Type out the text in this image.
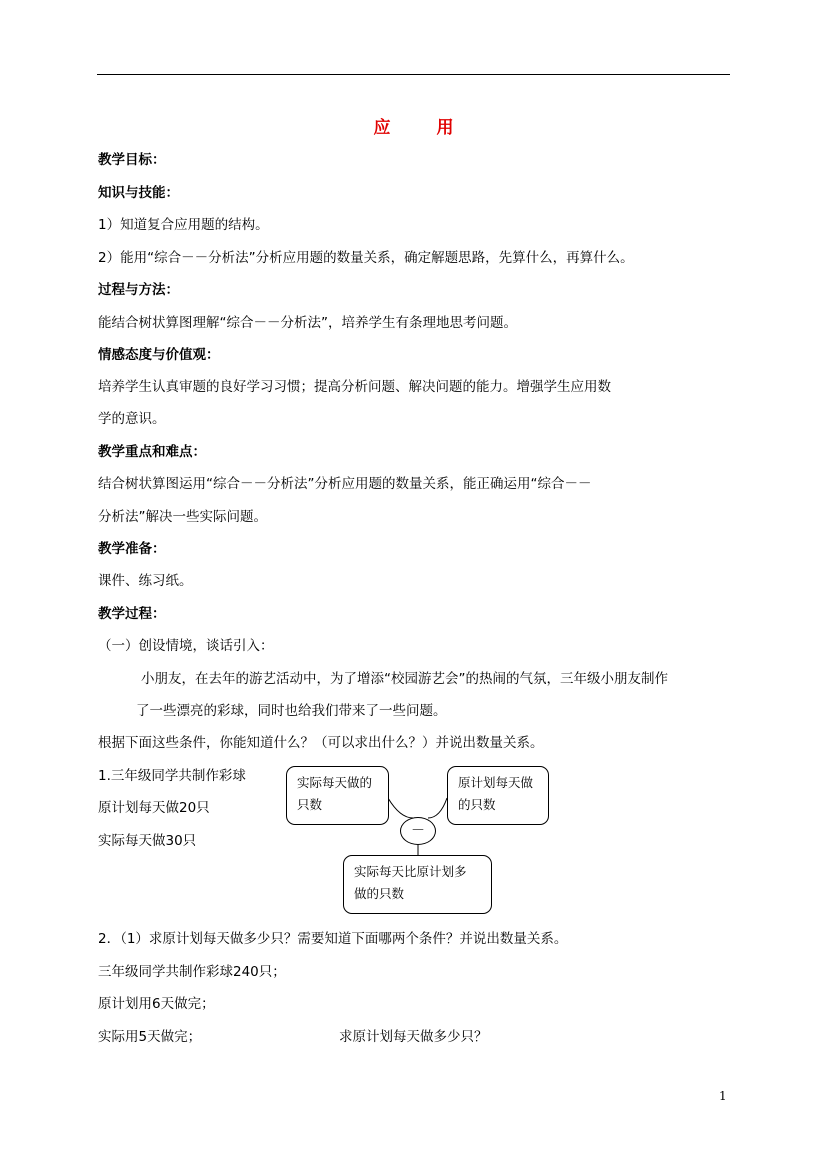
应 用
教学目标：
知识与技能：
1）知道复合应用题的结构。
2）能用“综合－－分析法”分析应用题的数量关系，确定解题思路，先算什么，再算什么。
过程与方法：
能结合树状算图理解“综合－－分析法”，培养学生有条理地思考问题。
情感态度与价值观：
培养学生认真审题的良好学习习惯；提高分析问题、解决问题的能力。增强学生应用数
学的意识。
教学重点和难点：
结合树状算图运用“综合－－分析法”分析应用题的数量关系，能正确运用“综合－－
分析法”解决一些实际问题。
教学准备：
课件、练习纸。
教学过程：
（一）创设情境，谈话引入：
小朋友，在去年的游艺活动中，为了增添“校园游艺会”的热闹的气氛，三年级小朋友制作
了一些漂亮的彩球，同时也给我们带来了一些问题。
根据下面这些条件，你能知道什么？（可以求出什么？）并说出数量关系。
1.三年级同学共制作彩球
原计划每天做20只
实际每天做30只
实际每天做的
只数
原计划每天做
的只数
－
实际每天比原计划多
做的只数
2．（1）求原计划每天做多少只？需要知道下面哪两个条件？并说出数量关系。
三年级同学共制作彩球240只；
原计划用6天做完；
实际用5天做完；	求原计划每天做多少只？
1
